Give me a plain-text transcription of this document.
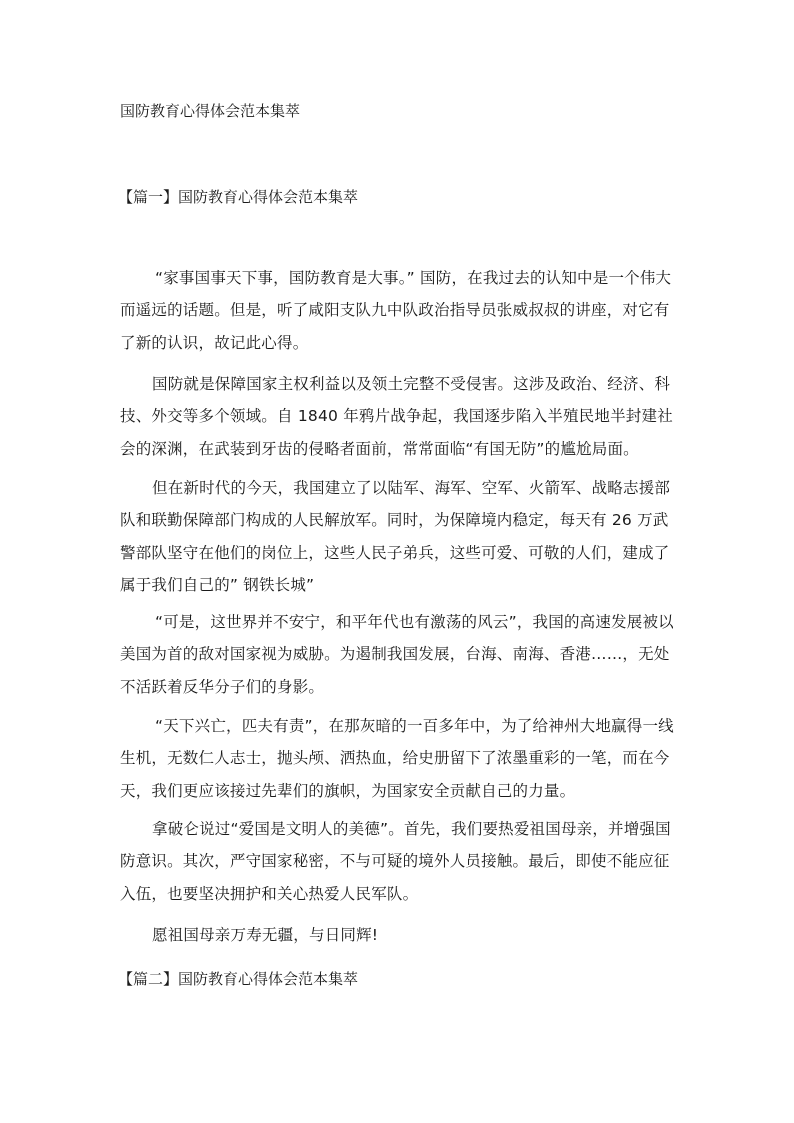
国防教育心得体会范本集萃
【篇一】国防教育心得体会范本集萃

“家事国事天下事，国防教育是大事。” 国防，在我过去的认知中是一个伟大而遥远的话题。但是，听了咸阳支队九中队政治指导员张威叔叔的讲座，对它有了新的认识，故记此心得。

国防就是保障国家主权利益以及领土完整不受侵害。这涉及政治、经济、科技、外交等多个领域。自 1840 年鸦片战争起，我国逐步陷入半殖民地半封建社会的深渊，在武装到牙齿的侵略者面前，常常面临“有国无防”的尴尬局面。

但在新时代的今天，我国建立了以陆军、海军、空军、火箭军、战略志援部队和联勤保障部门构成的人民解放军。同时，为保障境内稳定，每天有 26 万武警部队坚守在他们的岗位上，这些人民子弟兵，这些可爱、可敬的人们，建成了属于我们自己的” 钢铁长城”

“可是，这世界并不安宁，和平年代也有激荡的风云”，我国的高速发展被以美国为首的敌对国家视为威胁。为遏制我国发展，台海、南海、香港……，无处不活跃着反华分子们的身影。

“天下兴亡，匹夫有责”，在那灰暗的一百多年中，为了给神州大地赢得一线生机，无数仁人志士，抛头颅、洒热血，给史册留下了浓墨重彩的一笔，而在今天，我们更应该接过先辈们的旗帜，为国家安全贡献自己的力量。

拿破仑说过“爱国是文明人的美德”。首先，我们要热爱祖国母亲，并增强国防意识。其次，严守国家秘密，不与可疑的境外人员接触。最后，即使不能应征入伍，也要坚决拥护和关心热爱人民军队。

愿祖国母亲万寿无疆，与日同辉!

【篇二】国防教育心得体会范本集萃
